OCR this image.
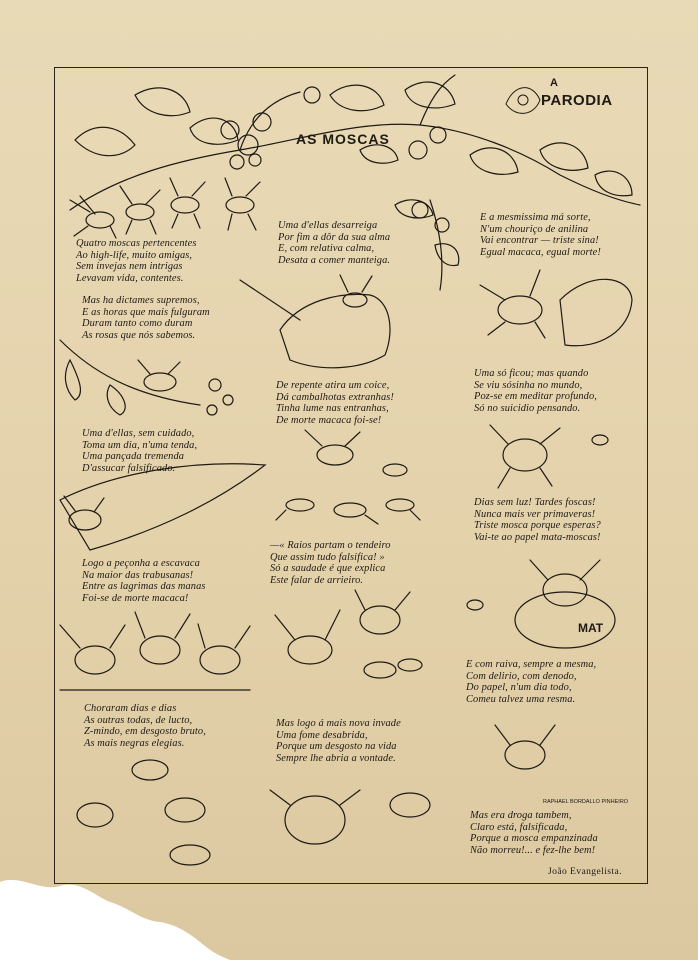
MAT
RAPHAEL BORDALLO PINHEIRO
A
PARODIA
AS MOSCAS
Quatro moscas pertencentes
Ao high-life, muito amigas,
Sem invejas nem intrigas
Levavam vida, contentes.
Mas ha dictames supremos,
E as horas que mais fulguram
Duram tanto como duram
As rosas que nós sabemos.
Uma d'ellas, sem cuidado,
Toma um dia, n'uma tenda,
Uma pançada tremenda
D'assucar falsificado.
Logo a peçonha a escavaca
Na maior das trabusanas!
Entre as lagrimas das manas
Foi-se de morte macaca!
Choraram dias e dias
As outras todas, de lucto,
Z-mindo, em desgosto bruto,
As mais negras elegias.
Uma d'ellas desarreiga
Por fim a dôr da sua alma
E, com relativa calma,
Desata a comer manteiga.
De repente atira um coice,
Dá cambalhotas extranhas!
Tinha lume nas entranhas,
De morte macaca foi-se!
—« Raios partam o tendeiro
Que assim tudo falsifica! »
Só a saudade é que explica
Este falar de arrieiro.
Mas logo á mais nova invade
Uma fome desabrida,
Porque um desgosto na vida
Sempre lhe abria a vontade.
E a mesmissima má sorte,
N'um chouriço de anilina
Vai encontrar — triste sina!
Egual macaca, egual morte!
Uma só ficou; mas quando
Se viu sósinha no mundo,
Poz-se em meditar profundo,
Só no suicidio pensando.
Dias sem luz! Tardes foscas!
Nunca mais ver primaveras!
Triste mosca porque esperas?
Vai-te ao papel mata-moscas!
E com raiva, sempre a mesma,
Com delirio, com denodo,
Do papel, n'um dia todo,
Comeu talvez uma resma.
Mas era droga tambem,
Claro está, falsificada,
Porque a mosca empanzinada
Não morreu!... e fez-lhe bem!
João Evangelista.
